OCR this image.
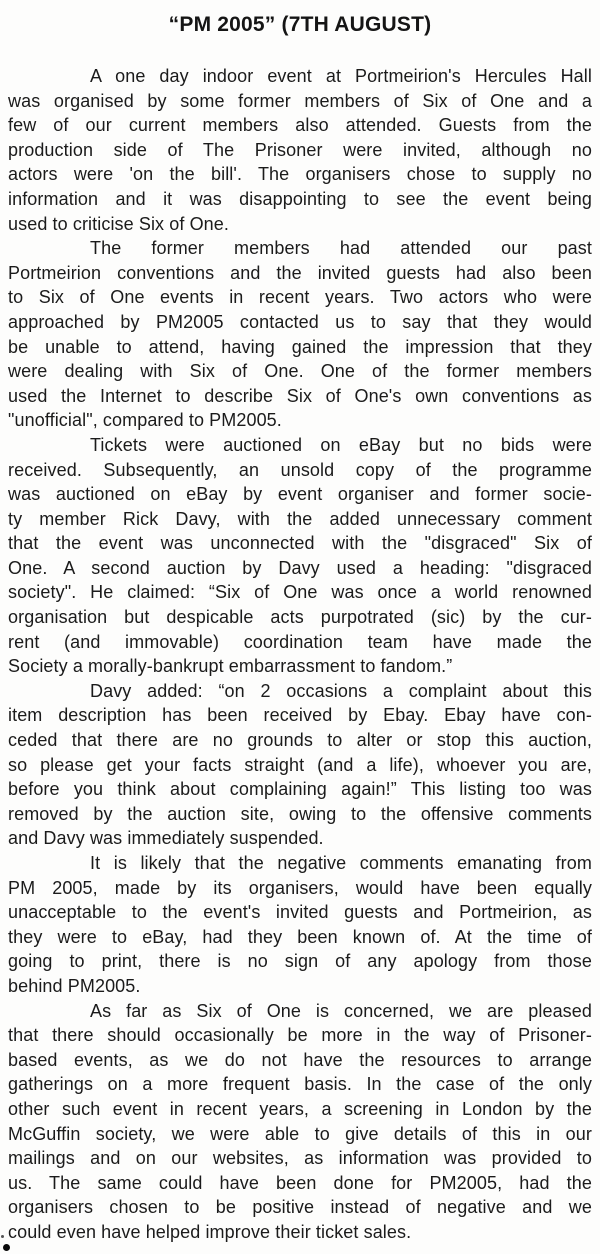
“PM 2005” (7TH AUGUST)
A one day indoor event at Portmeirion's Hercules Hall
was organised by some former members of Six of One and a
few of our current members also attended. Guests from the
production side of The Prisoner were invited, although no
actors were 'on the bill'. The organisers chose to supply no
information and it was disappointing to see the event being
used to criticise Six of One.
The former members had attended our past
Portmeirion conventions and the invited guests had also been
to Six of One events in recent years. Two actors who were
approached by PM2005 contacted us to say that they would
be unable to attend, having gained the impression that they
were dealing with Six of One. One of the former members
used the Internet to describe Six of One's own conventions as
"unofficial", compared to PM2005.
Tickets were auctioned on eBay but no bids were
received. Subsequently, an unsold copy of the programme
was auctioned on eBay by event organiser and former socie-
ty member Rick Davy, with the added unnecessary comment
that the event was unconnected with the "disgraced" Six of
One. A second auction by Davy used a heading: "disgraced
society". He claimed: “Six of One was once a world renowned
organisation but despicable acts purpotrated (sic) by the cur-
rent (and immovable) coordination team have made the
Society a morally-bankrupt embarrassment to fandom.”
Davy added: “on 2 occasions a complaint about this
item description has been received by Ebay. Ebay have con-
ceded that there are no grounds to alter or stop this auction,
so please get your facts straight (and a life), whoever you are,
before you think about complaining again!” This listing too was
removed by the auction site, owing to the offensive comments
and Davy was immediately suspended.
It is likely that the negative comments emanating from
PM 2005, made by its organisers, would have been equally
unacceptable to the event's invited guests and Portmeirion, as
they were to eBay, had they been known of. At the time of
going to print, there is no sign of any apology from those
behind PM2005.
As far as Six of One is concerned, we are pleased
that there should occasionally be more in the way of Prisoner-
based events, as we do not have the resources to arrange
gatherings on a more frequent basis. In the case of the only
other such event in recent years, a screening in London by the
McGuffin society, we were able to give details of this in our
mailings and on our websites, as information was provided to
us. The same could have been done for PM2005, had the
organisers chosen to be positive instead of negative and we
could even have helped improve their ticket sales.
